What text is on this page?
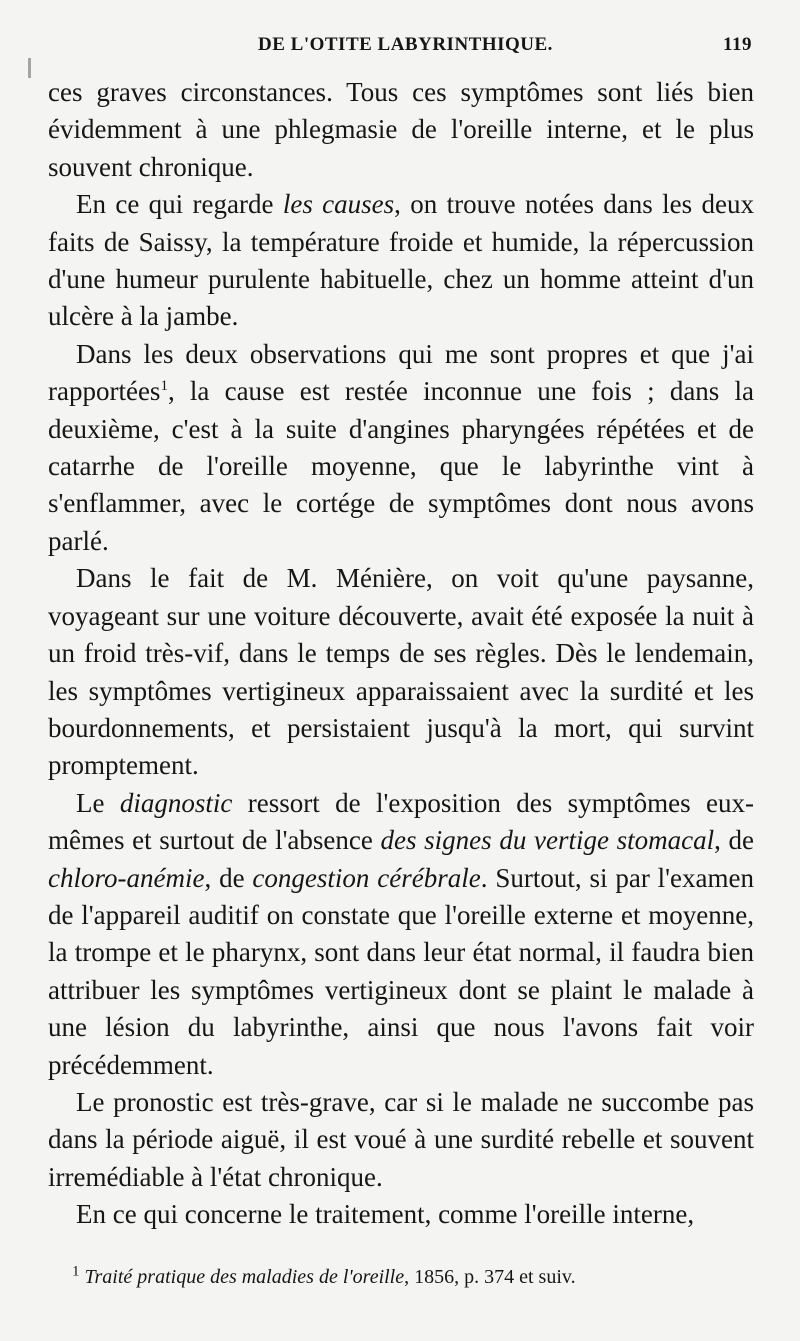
DE L'OTITE LABYRINTHIQUE.	119

ces graves circonstances. Tous ces symptômes sont liés bien évidemment à une phlegmasie de l'oreille interne, et le plus souvent chronique.

En ce qui regarde les causes, on trouve notées dans les deux faits de Saissy, la température froide et humide, la répercussion d'une humeur purulente habituelle, chez un homme atteint d'un ulcère à la jambe.

Dans les deux observations qui me sont propres et que j'ai rapportées$^1$, la cause est restée inconnue une fois ; dans la deuxième, c'est à la suite d'angines pharyngées répétées et de catarrhe de l'oreille moyenne, que le labyrinthe vint à s'enflammer, avec le cortége de symptômes dont nous avons parlé.

Dans le fait de M. Ménière, on voit qu'une paysanne, voyageant sur une voiture découverte, avait été exposée la nuit à un froid très-vif, dans le temps de ses règles. Dès le lendemain, les symptômes vertigineux apparaissaient avec la surdité et les bourdonnements, et persistaient jusqu'à la mort, qui survint promptement.

Le diagnostic ressort de l'exposition des symptômes eux-mêmes et surtout de l'absence des signes du vertige stomacal, de chloro-anémie, de congestion cérébrale. Surtout, si par l'examen de l'appareil auditif on constate que l'oreille externe et moyenne, la trompe et le pharynx, sont dans leur état normal, il faudra bien attribuer les symptômes vertigineux dont se plaint le malade à une lésion du labyrinthe, ainsi que nous l'avons fait voir précédemment.

Le pronostic est très-grave, car si le malade ne succombe pas dans la période aiguë, il est voué à une surdité rebelle et souvent irremédiable à l'état chronique.

En ce qui concerne le traitement, comme l'oreille interne,

$^1$ Traité pratique des maladies de l'oreille, 1856, p. 374 et suiv.
